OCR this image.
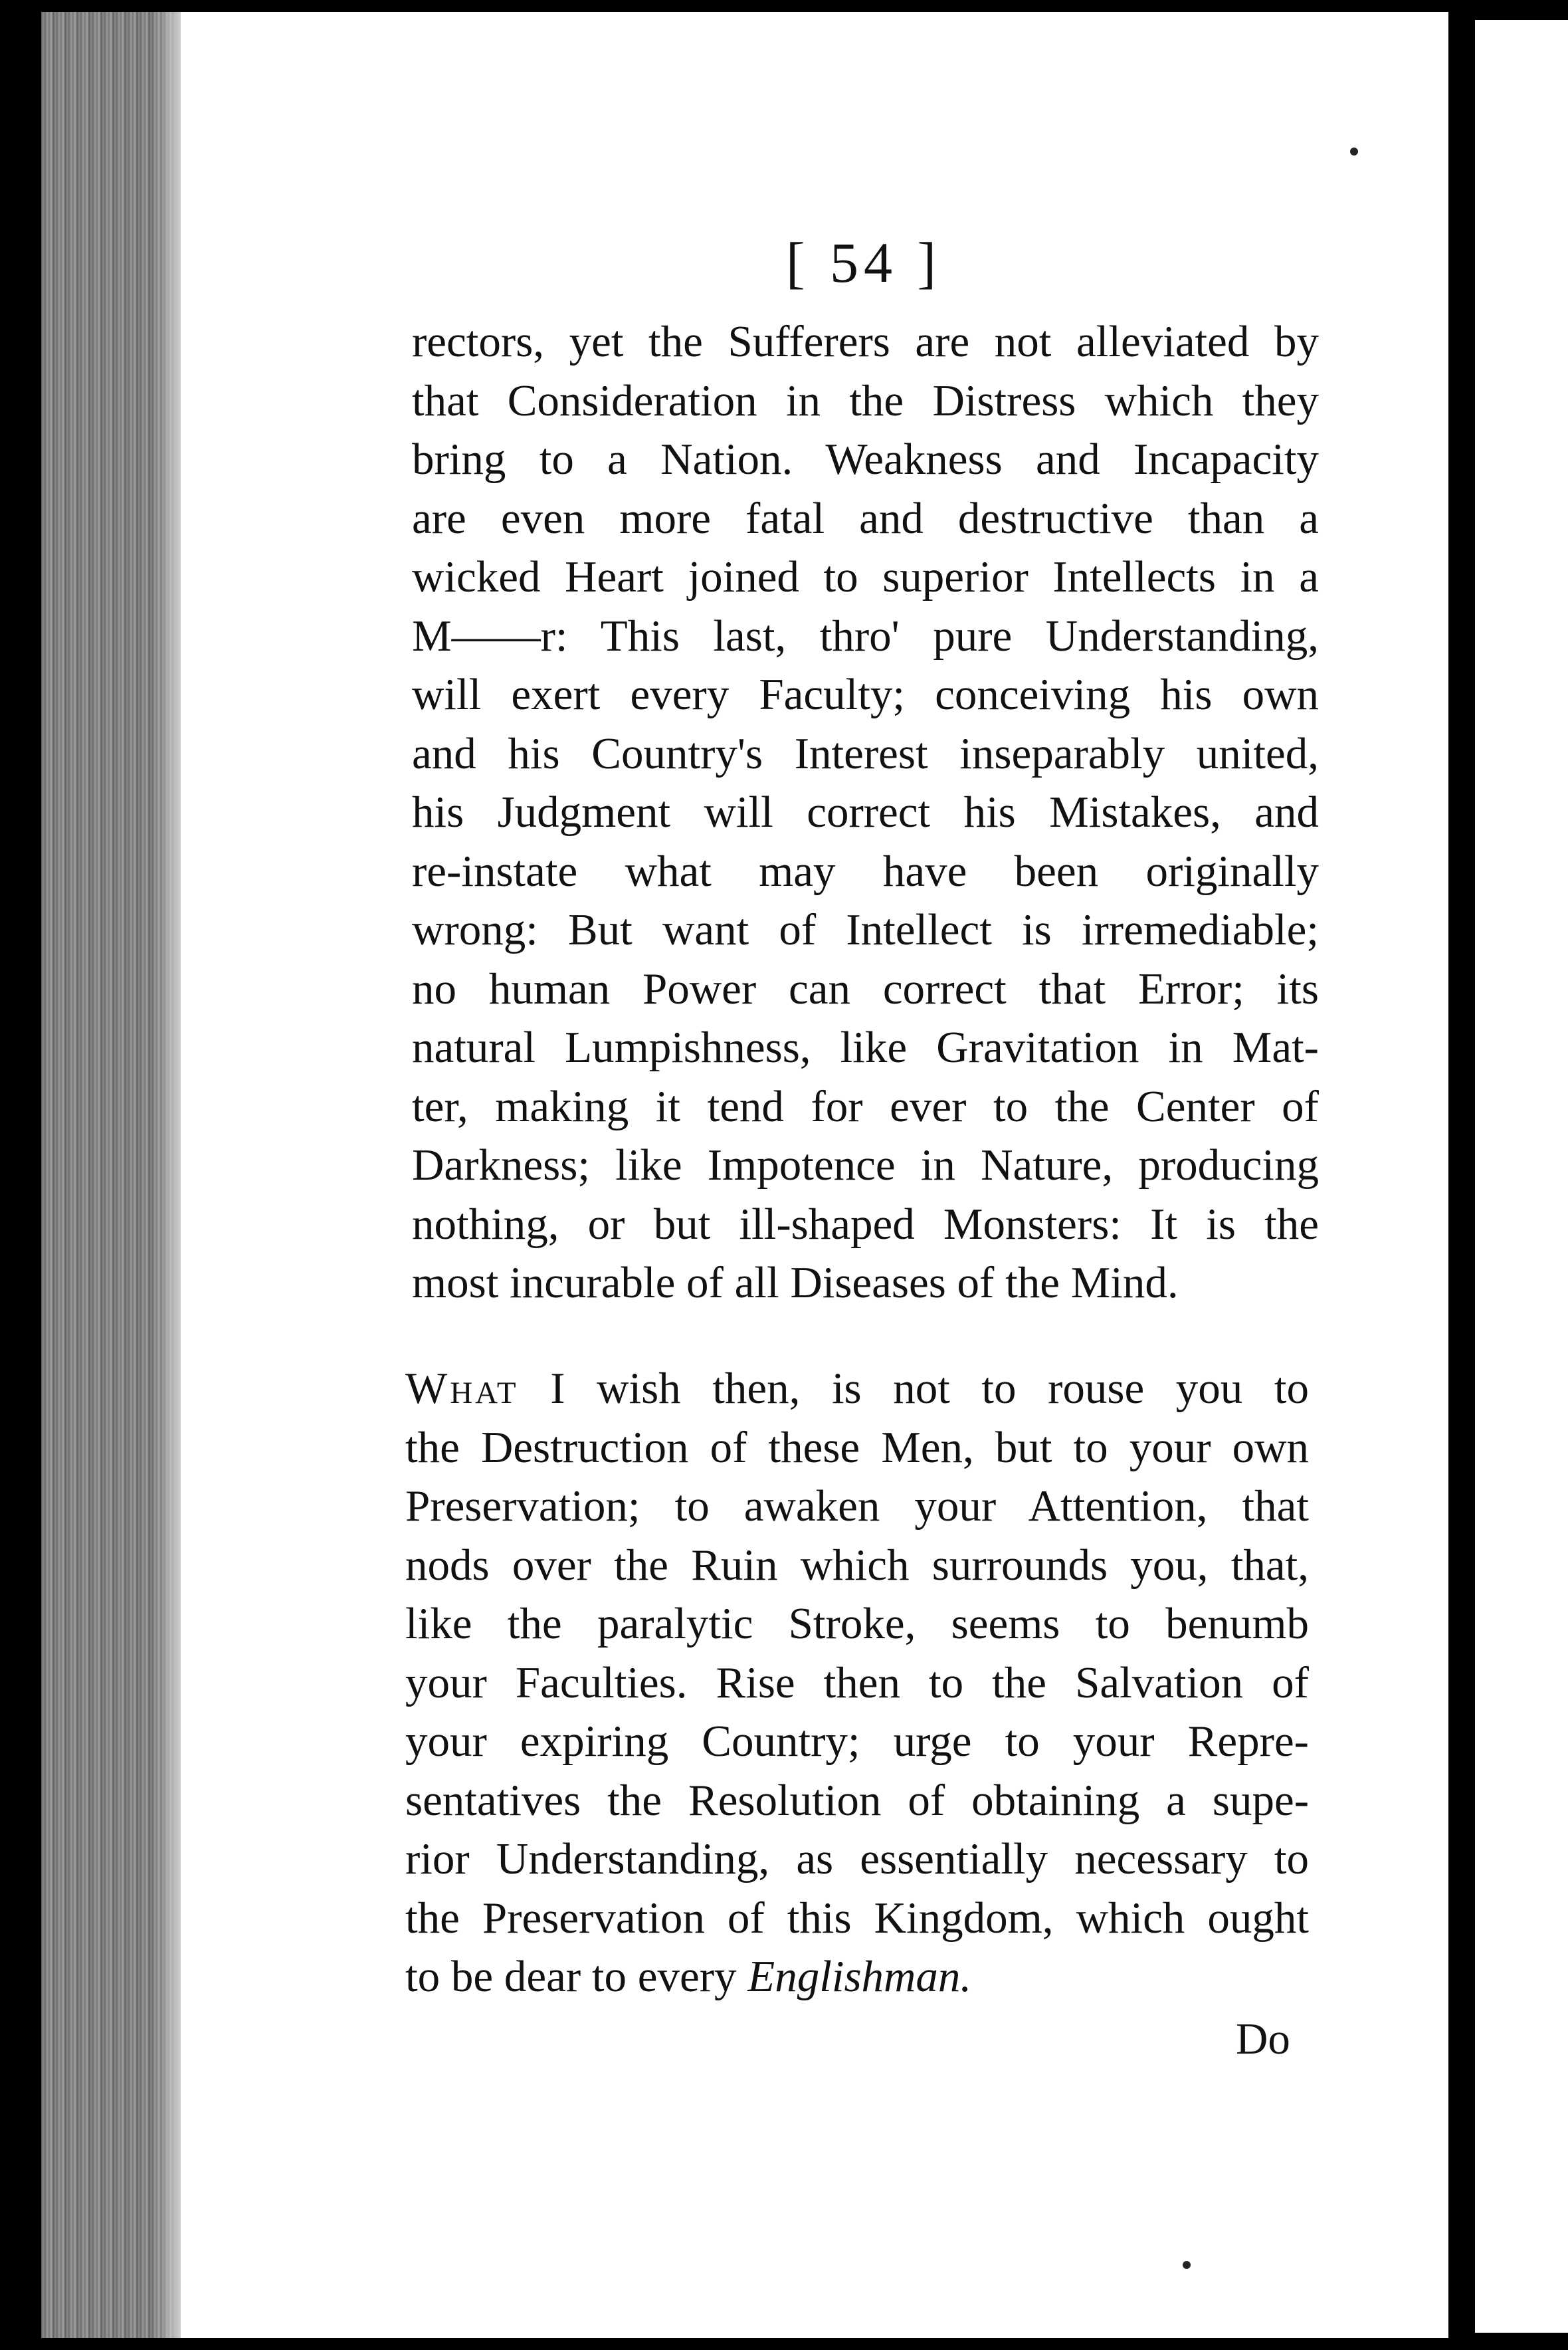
[ 54 ]

rectors, yet the Sufferers are not alleviated by
that Consideration in the Distress which they
bring to a Nation. Weakness and Incapacity
are even more fatal and destructive than a
wicked Heart joined to superior Intellects in a
M——r: This last, thro' pure Understanding,
will exert every Faculty; conceiving his own
and his Country's Interest inseparably united,
his Judgment will correct his Mistakes, and
re-instate what may have been originally
wrong: But want of Intellect is irremediable;
no human Power can correct that Error; its
natural Lumpishness, like Gravitation in Mat-
ter, making it tend for ever to the Center of
Darkness; like Impotence in Nature, producing
nothing, or but ill-shaped Monsters: It is the
most incurable of all Diseases of the Mind.
What I wish then, is not to rouse you to
the Destruction of these Men, but to your own
Preservation; to awaken your Attention, that
nods over the Ruin which surrounds you, that,
like the paralytic Stroke, seems to benumb
your Faculties. Rise then to the Salvation of
your expiring Country; urge to your Repre-
sentatives the Resolution of obtaining a supe-
rior Understanding, as essentially necessary to
the Preservation of this Kingdom, which ought
to be dear to every Englishman.

Do
